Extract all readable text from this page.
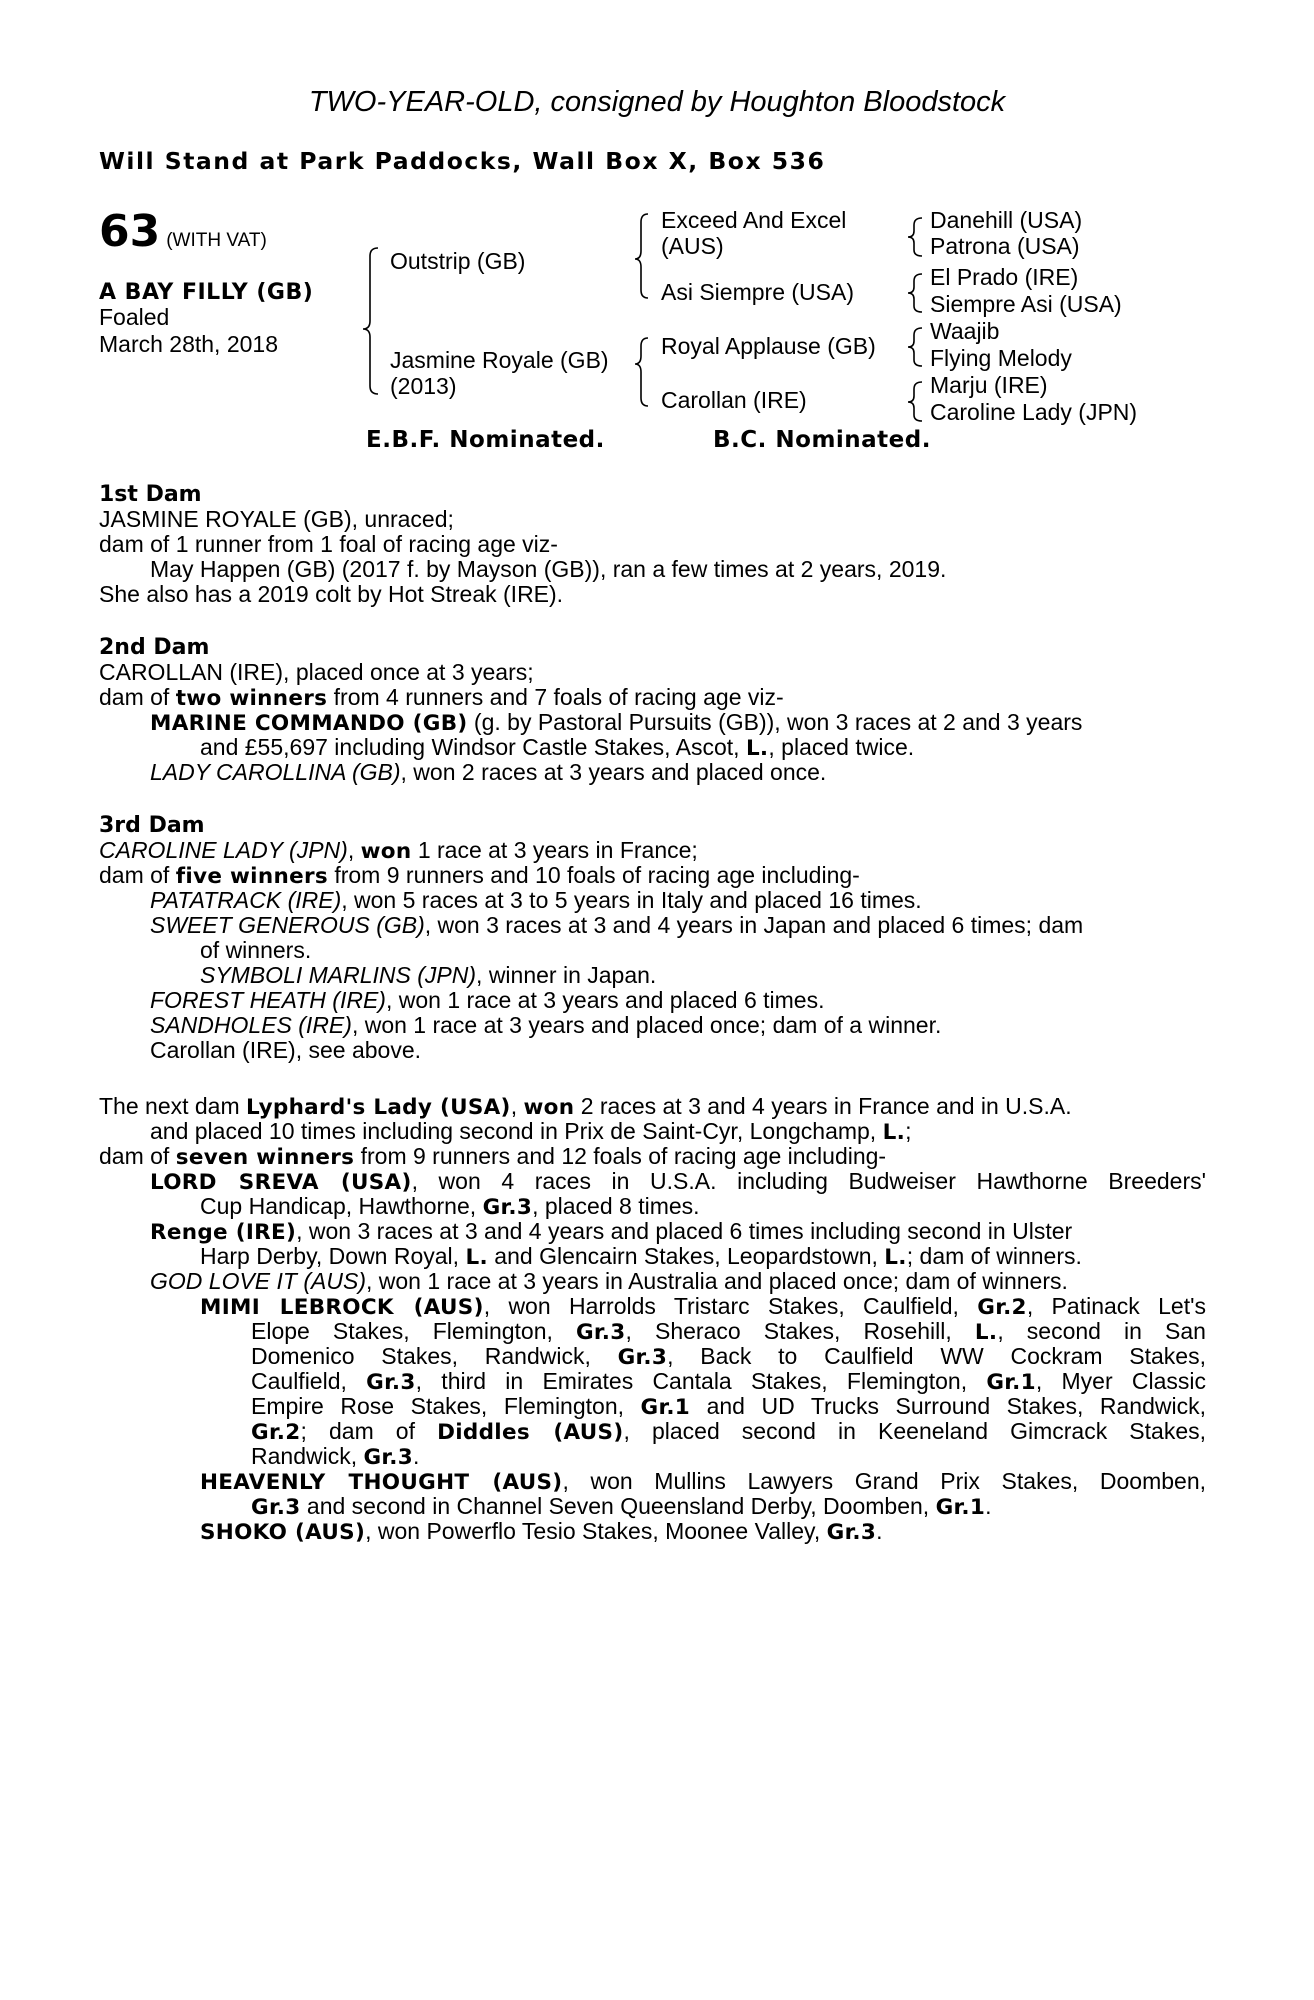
TWO-YEAR-OLD, consigned by Houghton Bloodstock
Will Stand at Park Paddocks, Wall Box X, Box 536
63 (WITH VAT)
A BAY FILLY (GB)
Foaled
March 28th, 2018
Outstrip (GB)
Jasmine Royale (GB)
(2013)
Exceed And Excel
(AUS)
Asi Siempre (USA)
Royal Applause (GB)
Carollan (IRE)
Danehill (USA)
Patrona (USA)
El Prado (IRE)
Siempre Asi (USA)
Waajib
Flying Melody
Marju (IRE)
Caroline Lady (JPN)
E.B.F. Nominated.	B.C. Nominated.
1st Dam
JASMINE ROYALE (GB), unraced;
dam of 1 runner from 1 foal of racing age viz-
May Happen (GB) (2017 f. by Mayson (GB)), ran a few times at 2 years, 2019.
She also has a 2019 colt by Hot Streak (IRE).
2nd Dam
CAROLLAN (IRE), placed once at 3 years;
dam of two winners from 4 runners and 7 foals of racing age viz-
MARINE COMMANDO (GB) (g. by Pastoral Pursuits (GB)), won 3 races at 2 and 3 years
and £55,697 including Windsor Castle Stakes, Ascot, L., placed twice.
LADY CAROLLINA (GB), won 2 races at 3 years and placed once.
3rd Dam
CAROLINE LADY (JPN), won 1 race at 3 years in France;
dam of five winners from 9 runners and 10 foals of racing age including-
PATATRACK (IRE), won 5 races at 3 to 5 years in Italy and placed 16 times.
SWEET GENEROUS (GB), won 3 races at 3 and 4 years in Japan and placed 6 times; dam
of winners.
SYMBOLI MARLINS (JPN), winner in Japan.
FOREST HEATH (IRE), won 1 race at 3 years and placed 6 times.
SANDHOLES (IRE), won 1 race at 3 years and placed once; dam of a winner.
Carollan (IRE), see above.
The next dam Lyphard's Lady (USA), won 2 races at 3 and 4 years in France and in U.S.A.
and placed 10 times including second in Prix de Saint-Cyr, Longchamp, L.;
dam of seven winners from 9 runners and 12 foals of racing age including-
LORD SREVA (USA), won 4 races in U.S.A. including Budweiser Hawthorne Breeders'
Cup Handicap, Hawthorne, Gr.3, placed 8 times.
Renge (IRE), won 3 races at 3 and 4 years and placed 6 times including second in Ulster
Harp Derby, Down Royal, L. and Glencairn Stakes, Leopardstown, L.; dam of winners.
GOD LOVE IT (AUS), won 1 race at 3 years in Australia and placed once; dam of winners.
MIMI LEBROCK (AUS), won Harrolds Tristarc Stakes, Caulfield, Gr.2, Patinack Let's
Elope Stakes, Flemington, Gr.3, Sheraco Stakes, Rosehill, L., second in San
Domenico Stakes, Randwick, Gr.3, Back to Caulfield WW Cockram Stakes,
Caulfield, Gr.3, third in Emirates Cantala Stakes, Flemington, Gr.1, Myer Classic
Empire Rose Stakes, Flemington, Gr.1 and UD Trucks Surround Stakes, Randwick,
Gr.2; dam of Diddles (AUS), placed second in Keeneland Gimcrack Stakes,
Randwick, Gr.3.
HEAVENLY THOUGHT (AUS), won Mullins Lawyers Grand Prix Stakes, Doomben,
Gr.3 and second in Channel Seven Queensland Derby, Doomben, Gr.1.
SHOKO (AUS), won Powerflo Tesio Stakes, Moonee Valley, Gr.3.
